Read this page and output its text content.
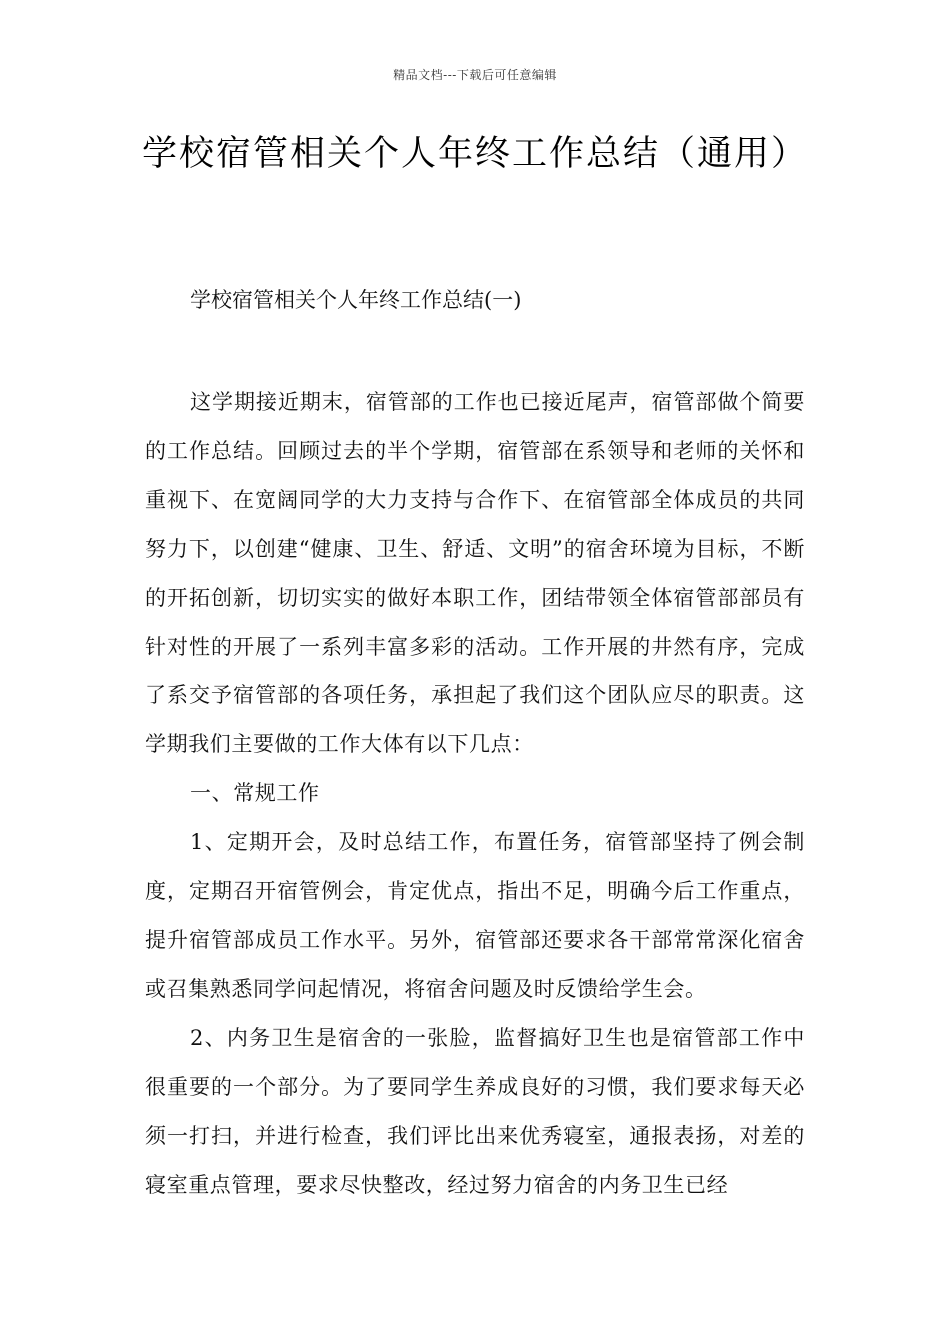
精品文档---下载后可任意编辑
学校宿管相关个人年终工作总结（通用）

学校宿管相关个人年终工作总结(一)

这学期接近期末，宿管部的工作也已接近尾声，宿管部做个简要的工作总结。回顾过去的半个学期，宿管部在系领导和老师的关怀和重视下、在宽阔同学的大力支持与合作下、在宿管部全体成员的共同努力下，以创建“健康、卫生、舒适、文明”的宿舍环境为目标，不断的开拓创新，切切实实的做好本职工作，团结带领全体宿管部部员有针对性的开展了一系列丰富多彩的活动。工作开展的井然有序，完成了系交予宿管部的各项任务，承担起了我们这个团队应尽的职责。这学期我们主要做的工作大体有以下几点：

一、常规工作

1、定期开会，及时总结工作，布置任务，宿管部坚持了例会制度，定期召开宿管例会，肯定优点，指出不足，明确今后工作重点，提升宿管部成员工作水平。另外，宿管部还要求各干部常常深化宿舍或召集熟悉同学问起情况，将宿舍问题及时反馈给学生会。

2、内务卫生是宿舍的一张脸，监督搞好卫生也是宿管部工作中很重要的一个部分。为了要同学生养成良好的习惯，我们要求每天必须一打扫，并进行检查，我们评比出来优秀寝室，通报表扬，对差的寝室重点管理，要求尽快整改，经过努力宿舍的内务卫生已经
